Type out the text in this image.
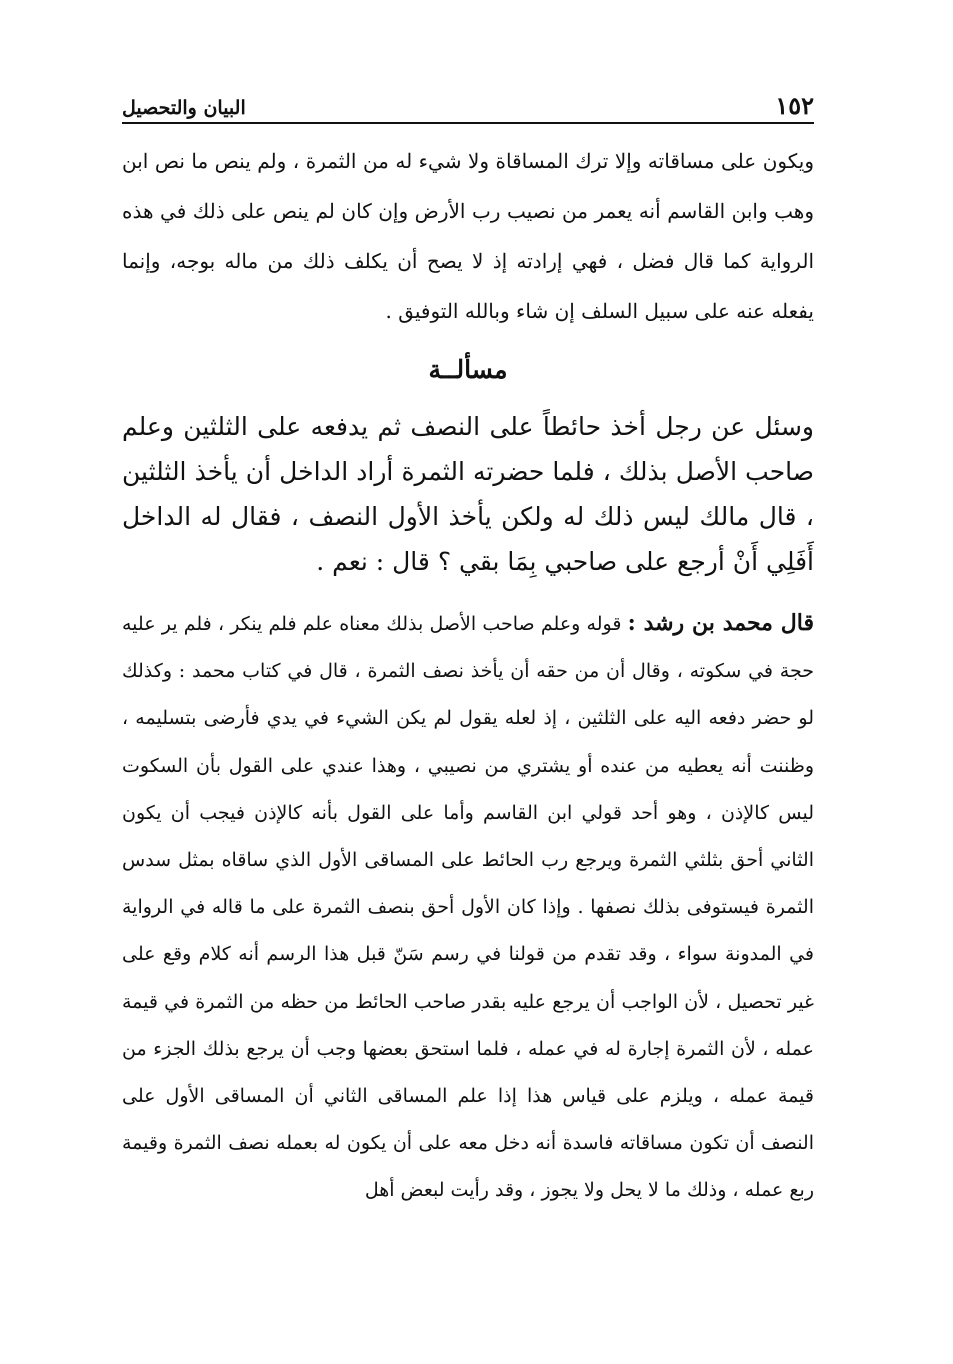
١٥٢
البيان والتحصيل

ويكون على مساقاته وإلا ترك المساقاة ولا شيء له من الثمرة ، ولم ينص ما نص ابن وهب وابن القاسم أنه يعمر من نصيب رب الأرض وإن كان لم ينص على ذلك في هذه الرواية كما قال فضل ، فهي إرادته إذ لا يصح أن يكلف ذلك من ماله بوجه، وإنما يفعله عنه على سبيل السلف إن شاء وبالله التوفيق .

مسألــة

وسئل عن رجل أخذ حائطاً على النصف ثم يدفعه على الثلثين وعلم صاحب الأصل بذلك ، فلما حضرته الثمرة أراد الداخل أن يأخذ الثلثين ، قال مالك ليس ذلك له ولكن يأخذ الأول النصف ، فقال له الداخل أَفَلِي أَنْ أرجع على صاحبي بِمَا بقي ؟ قال : نعم .

قال محمد بن رشد : قوله وعلم صاحب الأصل بذلك معناه علم فلم ينكر ، فلم ير عليه حجة في سكوته ، وقال أن من حقه أن يأخذ نصف الثمرة ، قال في كتاب محمد : وكذلك لو حضر دفعه اليه على الثلثين ، إذ لعله يقول لم يكن الشيء في يدي فأرضى بتسليمه ، وظننت أنه يعطيه من عنده أو يشتري من نصيبي ، وهذا عندي على القول بأن السكوت ليس كالإذن ، وهو أحد قولي ابن القاسم وأما على القول بأنه كالإذن فيجب أن يكون الثاني أحق بثلثي الثمرة ويرجع رب الحائط على المساقى الأول الذي ساقاه بمثل سدس الثمرة فيستوفى بذلك نصفها . وإذا كان الأول أحق بنصف الثمرة على ما قاله في الرواية في المدونة سواء ، وقد تقدم من قولنا في رسم سَنّ قبل هذا الرسم أنه كلام وقع على غير تحصيل ، لأن الواجب أن يرجع عليه بقدر صاحب الحائط من حظه من الثمرة في قيمة عمله ، لأن الثمرة إجارة له في عمله ، فلما استحق بعضها وجب أن يرجع بذلك الجزء من قيمة عمله ، ويلزم على قياس هذا إذا علم المساقى الثاني أن المساقى الأول على النصف أن تكون مساقاته فاسدة أنه دخل معه على أن يكون له بعمله نصف الثمرة وقيمة ربع عمله ، وذلك ما لا يحل ولا يجوز ، وقد رأيت لبعض أهل
